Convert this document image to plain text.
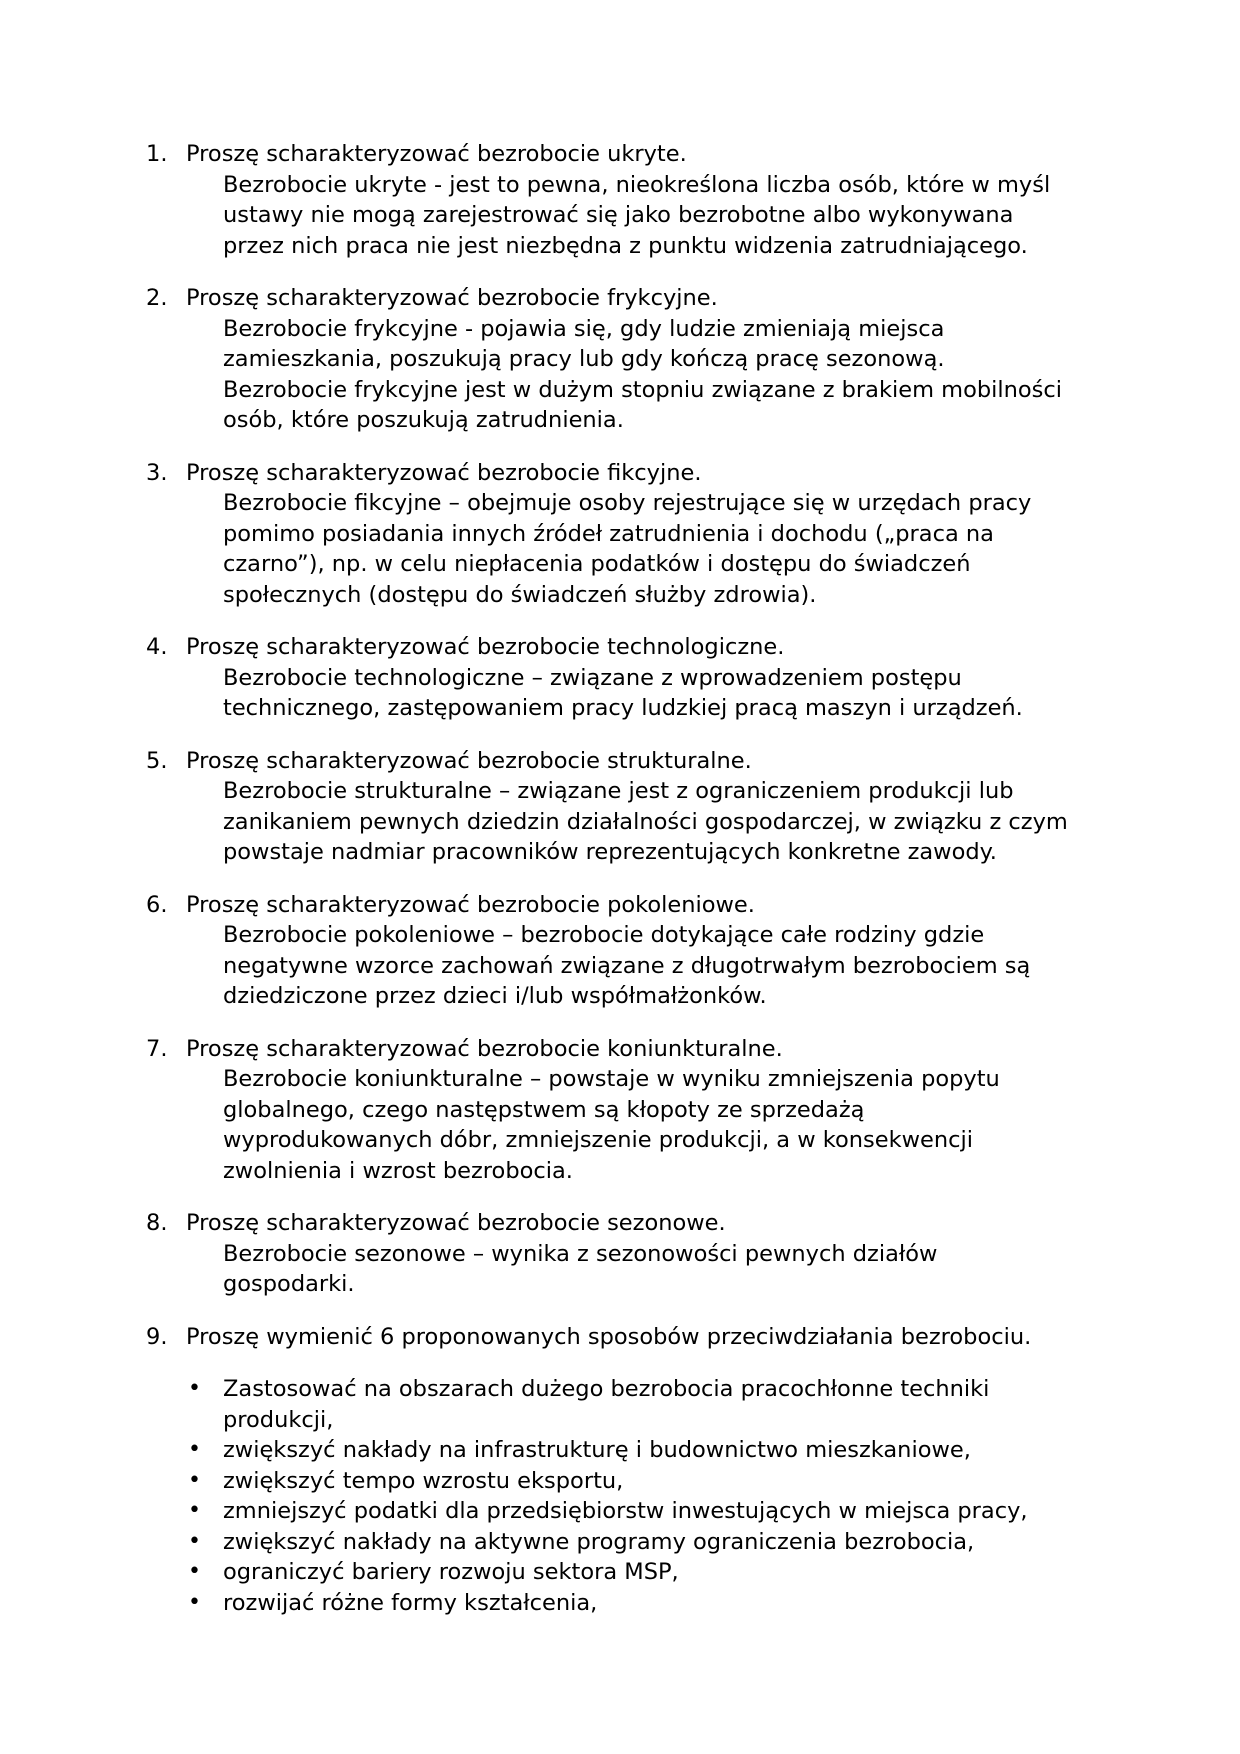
1. Proszę scharakteryzować bezrobocie ukryte.
Bezrobocie ukryte - jest to pewna, nieokreślona liczba osób, które w myśl
ustawy nie mogą zarejestrować się jako bezrobotne albo wykonywana
przez nich praca nie jest niezbędna z punktu widzenia zatrudniającego.
2. Proszę scharakteryzować bezrobocie frykcyjne.
Bezrobocie frykcyjne - pojawia się, gdy ludzie zmieniają miejsca
zamieszkania, poszukują pracy lub gdy kończą pracę sezonową.
Bezrobocie frykcyjne jest w dużym stopniu związane z brakiem mobilności
osób, które poszukują zatrudnienia.
3. Proszę scharakteryzować bezrobocie fikcyjne.
Bezrobocie fikcyjne – obejmuje osoby rejestrujące się w urzędach pracy
pomimo posiadania innych źródeł zatrudnienia i dochodu („praca na
czarno”), np. w celu niepłacenia podatków i dostępu do świadczeń
społecznych (dostępu do świadczeń służby zdrowia).
4. Proszę scharakteryzować bezrobocie technologiczne.
Bezrobocie technologiczne – związane z wprowadzeniem postępu
technicznego, zastępowaniem pracy ludzkiej pracą maszyn i urządzeń.
5. Proszę scharakteryzować bezrobocie strukturalne.
Bezrobocie strukturalne – związane jest z ograniczeniem produkcji lub
zanikaniem pewnych dziedzin działalności gospodarczej, w związku z czym
powstaje nadmiar pracowników reprezentujących konkretne zawody.
6. Proszę scharakteryzować bezrobocie pokoleniowe.
Bezrobocie pokoleniowe – bezrobocie dotykające całe rodziny gdzie
negatywne wzorce zachowań związane z długotrwałym bezrobociem są
dziedziczone przez dzieci i/lub współmałżonków.
7. Proszę scharakteryzować bezrobocie koniunkturalne.
Bezrobocie koniunkturalne – powstaje w wyniku zmniejszenia popytu
globalnego, czego następstwem są kłopoty ze sprzedażą
wyprodukowanych dóbr, zmniejszenie produkcji, a w konsekwencji
zwolnienia i wzrost bezrobocia.
8. Proszę scharakteryzować bezrobocie sezonowe.
Bezrobocie sezonowe – wynika z sezonowości pewnych działów
gospodarki.
9. Proszę wymienić 6 proponowanych sposobów przeciwdziałania bezrobociu.
• Zastosować na obszarach dużego bezrobocia pracochłonne techniki
produkcji,
• zwiększyć nakłady na infrastrukturę i budownictwo mieszkaniowe,
• zwiększyć tempo wzrostu eksportu,
• zmniejszyć podatki dla przedsiębiorstw inwestujących w miejsca pracy,
• zwiększyć nakłady na aktywne programy ograniczenia bezrobocia,
• ograniczyć bariery rozwoju sektora MSP,
• rozwijać różne formy kształcenia,
